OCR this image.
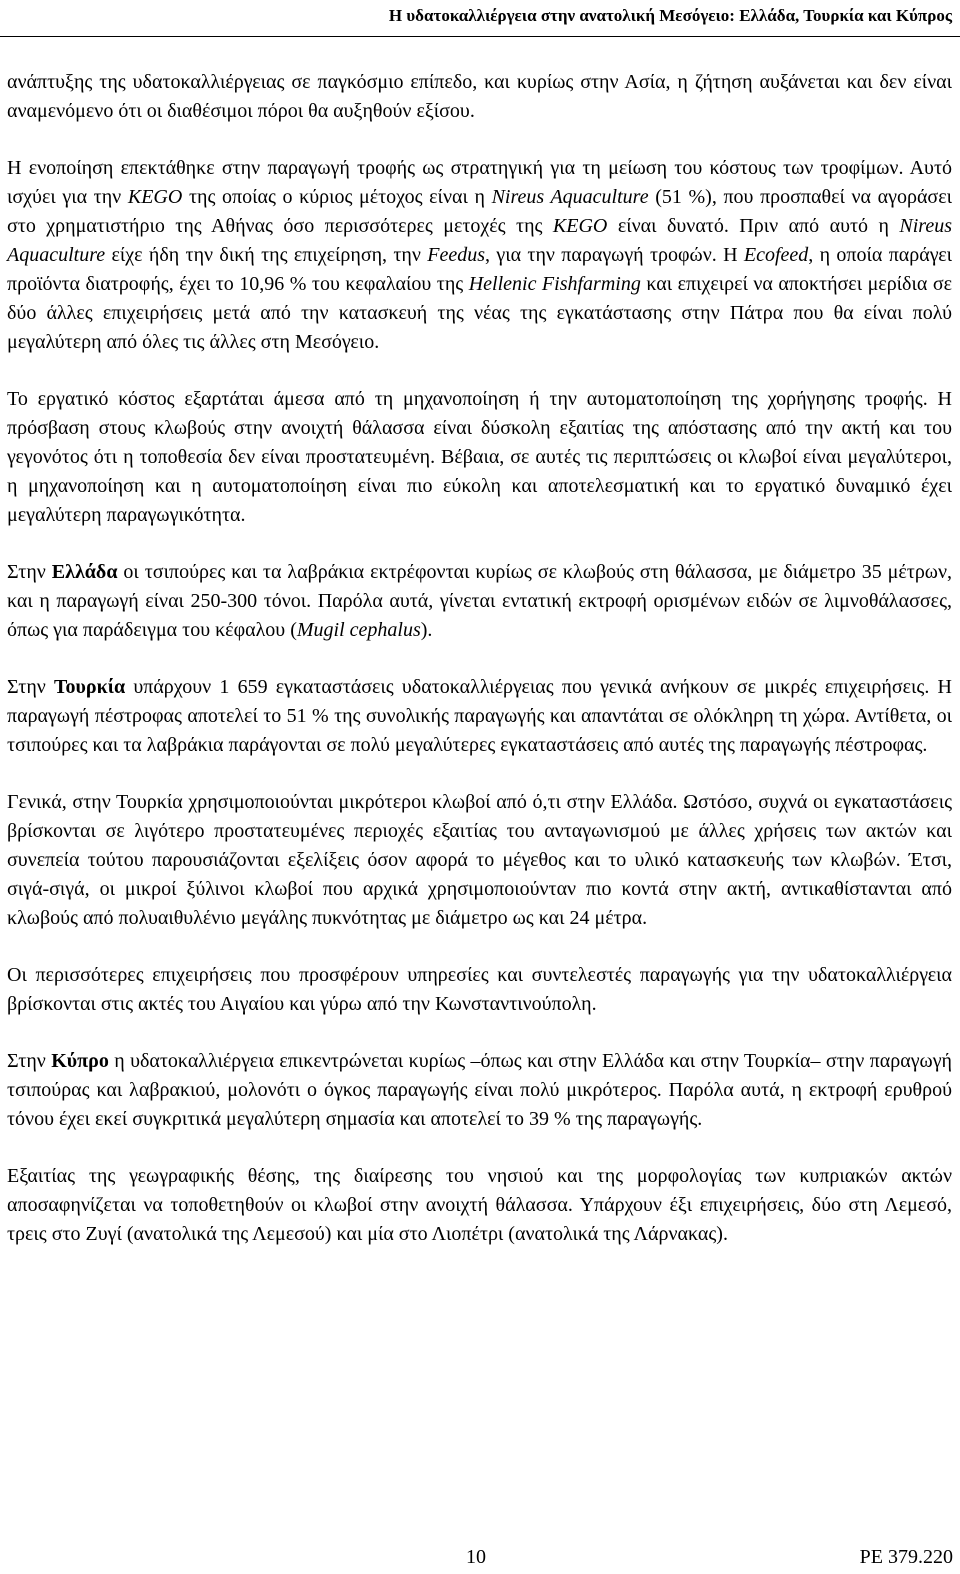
Η υδατοκαλλιέργεια στην ανατολική Μεσόγειο: Ελλάδα, Τουρκία και Κύπρος

ανάπτυξης της υδατοκαλλιέργειας σε παγκόσμιο επίπεδο, και κυρίως στην Ασία, η ζήτηση αυξάνεται και δεν είναι αναμενόμενο ότι οι διαθέσιμοι πόροι θα αυξηθούν εξίσου.

Η ενοποίηση επεκτάθηκε στην παραγωγή τροφής ως στρατηγική για τη μείωση του κόστους των τροφίμων. Αυτό ισχύει για την KEGO της οποίας ο κύριος μέτοχος είναι η Nireus Aquaculture (51 %), που προσπαθεί να αγοράσει στο χρηματιστήριο της Αθήνας όσο περισσότερες μετοχές της KEGO είναι δυνατό. Πριν από αυτό η Nireus Aquaculture είχε ήδη την δική της επιχείρηση, την Feedus, για την παραγωγή τροφών. Η Ecofeed, η οποία παράγει προϊόντα διατροφής, έχει το 10,96 % του κεφαλαίου της Hellenic Fishfarming και επιχειρεί να αποκτήσει μερίδια σε δύο άλλες επιχειρήσεις μετά από την κατασκευή της νέας της εγκατάστασης στην Πάτρα που θα είναι πολύ μεγαλύτερη από όλες τις άλλες στη Μεσόγειο.

Το εργατικό κόστος εξαρτάται άμεσα από τη μηχανοποίηση ή την αυτοματοποίηση της χορήγησης τροφής. Η πρόσβαση στους κλωβούς στην ανοιχτή θάλασσα είναι δύσκολη εξαιτίας της απόστασης από την ακτή και του γεγονότος ότι η τοποθεσία δεν είναι προστατευμένη. Βέβαια, σε αυτές τις περιπτώσεις οι κλωβοί είναι μεγαλύτεροι, η μηχανοποίηση και η αυτοματοποίηση είναι πιο εύκολη και αποτελεσματική και το εργατικό δυναμικό έχει μεγαλύτερη παραγωγικότητα.

Στην Ελλάδα οι τσιπούρες και τα λαβράκια εκτρέφονται κυρίως σε κλωβούς στη θάλασσα, με διάμετρο 35 μέτρων, και η παραγωγή είναι 250-300 τόνοι. Παρόλα αυτά, γίνεται εντατική εκτροφή ορισμένων ειδών σε λιμνοθάλασσες, όπως για παράδειγμα του κέφαλου (Mugil cephalus).

Στην Τουρκία υπάρχουν 1 659 εγκαταστάσεις υδατοκαλλιέργειας που γενικά ανήκουν σε μικρές επιχειρήσεις. Η παραγωγή πέστροφας αποτελεί το 51 % της συνολικής παραγωγής και απαντάται σε ολόκληρη τη χώρα. Αντίθετα, οι τσιπούρες και τα λαβράκια παράγονται σε πολύ μεγαλύτερες εγκαταστάσεις από αυτές της παραγωγής πέστροφας.

Γενικά, στην Τουρκία χρησιμοποιούνται μικρότεροι κλωβοί από ό,τι στην Ελλάδα. Ωστόσο, συχνά οι εγκαταστάσεις βρίσκονται σε λιγότερο προστατευμένες περιοχές εξαιτίας του ανταγωνισμού με άλλες χρήσεις των ακτών και συνεπεία τούτου παρουσιάζονται εξελίξεις όσον αφορά το μέγεθος και το υλικό κατασκευής των κλωβών. Έτσι, σιγά-σιγά, οι μικροί ξύλινοι κλωβοί που αρχικά χρησιμοποιούνταν πιο κοντά στην ακτή, αντικαθίστανται από κλωβούς από πολυαιθυλένιο μεγάλης πυκνότητας με διάμετρο ως και 24 μέτρα.

Οι περισσότερες επιχειρήσεις που προσφέρουν υπηρεσίες και συντελεστές παραγωγής για την υδατοκαλλιέργεια βρίσκονται στις ακτές του Αιγαίου και γύρω από την Κωνσταντινούπολη.

Στην Κύπρο η υδατοκαλλιέργεια επικεντρώνεται κυρίως –όπως και στην Ελλάδα και στην Τουρκία– στην παραγωγή τσιπούρας και λαβρακιού, μολονότι ο όγκος παραγωγής είναι πολύ μικρότερος. Παρόλα αυτά, η εκτροφή ερυθρού τόνου έχει εκεί συγκριτικά μεγαλύτερη σημασία και αποτελεί το 39 % της παραγωγής.

Εξαιτίας της γεωγραφικής θέσης, της διαίρεσης του νησιού και της μορφολογίας των κυπριακών ακτών αποσαφηνίζεται να τοποθετηθούν οι κλωβοί στην ανοιχτή θάλασσα. Υπάρχουν έξι επιχειρήσεις, δύο στη Λεμεσό, τρεις στο Ζυγί (ανατολικά της Λεμεσού) και μία στο Λιοπέτρι (ανατολικά της Λάρνακας).

10	PE 379.220
